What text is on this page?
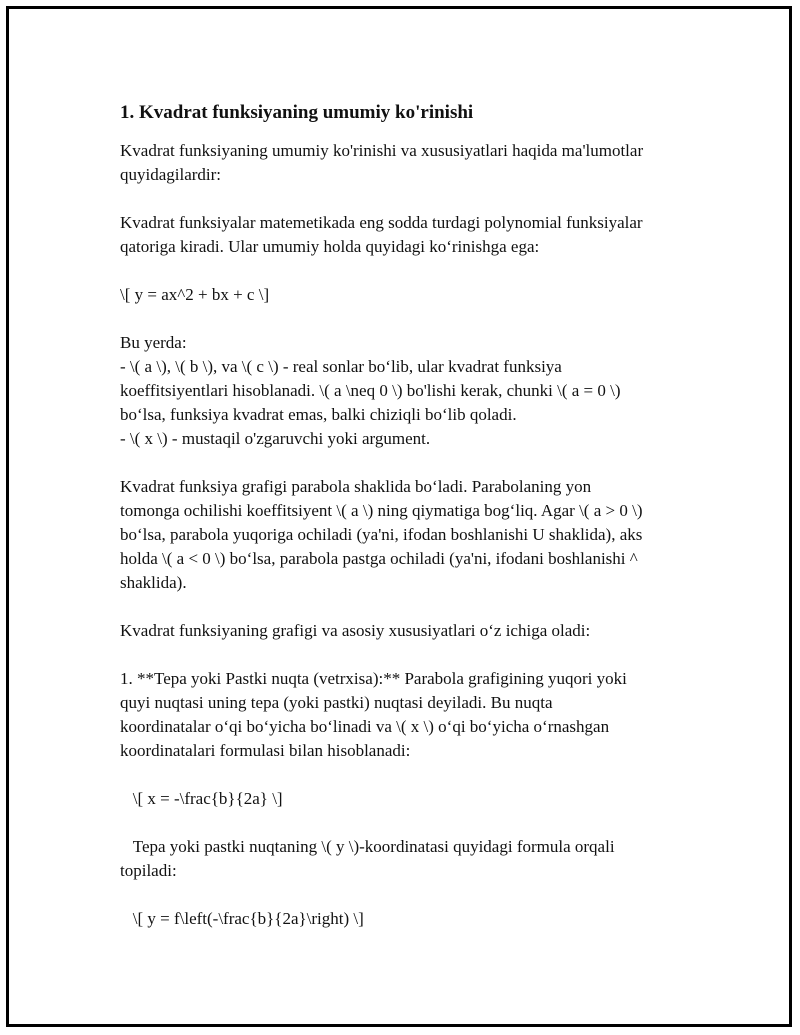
1. Kvadrat funksiyaning umumiy ko'rinishi
Kvadrat funksiyaning umumiy ko'rinishi va xususiyatlari haqida ma'lumotlar
quyidagilardir:
Kvadrat funksiyalar matemetikada eng sodda turdagi polynomial funksiyalar
qatoriga kiradi. Ular umumiy holda quyidagi ko‘rinishga ega:
\[ y = ax^2 + bx + c \]
Bu yerda:
- \( a \), \( b \), va \( c \) - real sonlar bo‘lib, ular kvadrat funksiya
koeffitsiyentlari hisoblanadi. \( a \neq 0 \) bo'lishi kerak, chunki \( a = 0 \)
bo‘lsa, funksiya kvadrat emas, balki chiziqli bo‘lib qoladi.
- \( x \) - mustaqil o'zgaruvchi yoki argument.
Kvadrat funksiya grafigi parabola shaklida bo‘ladi. Parabolaning yon
tomonga ochilishi koeffitsiyent \( a \) ning qiymatiga bog‘liq. Agar \( a > 0 \)
bo‘lsa, parabola yuqoriga ochiladi (ya'ni, ifodan boshlanishi U shaklida), aks
holda \( a < 0 \) bo‘lsa, parabola pastga ochiladi (ya'ni, ifodani boshlanishi ^
shaklida).
Kvadrat funksiyaning grafigi va asosiy xususiyatlari o‘z ichiga oladi:
1. **Tepa yoki Pastki nuqta (vetrxisa):** Parabola grafigining yuqori yoki
quyi nuqtasi uning tepa (yoki pastki) nuqtasi deyiladi. Bu nuqta
koordinatalar o‘qi bo‘yicha bo‘linadi va \( x \) o‘qi bo‘yicha o‘rnashgan
koordinatalari formulasi bilan hisoblanadi:
\[ x = -\frac{b}{2a} \]
Tepa yoki pastki nuqtaning \( y \)-koordinatasi quyidagi formula orqali
topiladi:
\[ y = f\left(-\frac{b}{2a}\right) \]
